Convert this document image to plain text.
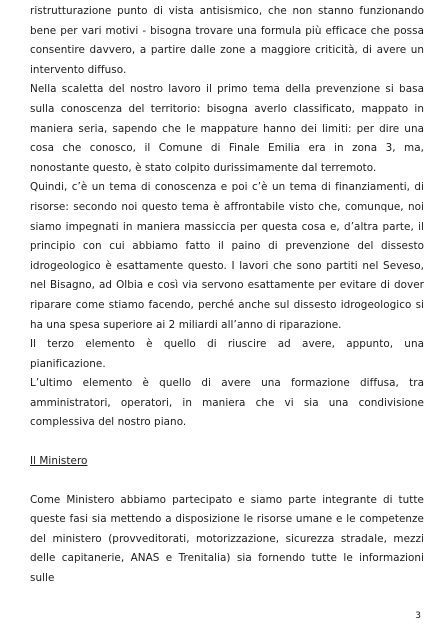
ristrutturazione punto di vista antisismico, che non stanno funzionando bene per vari motivi - bisogna trovare una formula più efficace che possa consentire davvero, a partire dalle zone a maggiore criticità, di avere un intervento diffuso.

Nella scaletta del nostro lavoro il primo tema della prevenzione si basa sulla conoscenza del territorio: bisogna averlo classificato, mappato in maniera seria, sapendo che le mappature hanno dei limiti: per dire una cosa che conosco, il Comune di Finale Emilia era in zona 3, ma, nonostante questo, è stato colpito durissimamente dal terremoto.

Quindi, c’è un tema di conoscenza e poi c’è un tema di finanziamenti, di risorse: secondo noi questo tema è affrontabile visto che, comunque, noi siamo impegnati in maniera massiccia per questa cosa e, d’altra parte, il principio con cui abbiamo fatto il paino di prevenzione del dissesto idrogeologico è esattamente questo. I lavori che sono partiti nel Seveso, nel Bisagno, ad Olbia e così via servono esattamente per evitare di dover riparare come stiamo facendo, perché anche sul dissesto idrogeologico si ha una spesa superiore ai 2 miliardi all’anno di riparazione.

Il terzo elemento è quello di riuscire ad avere, appunto, una pianificazione.

L’ultimo elemento è quello di avere una formazione diffusa, tra amministratori, operatori, in maniera che vi sia una condivisione complessiva del nostro piano.

Il Ministero

Come Ministero abbiamo partecipato e siamo parte integrante di tutte queste fasi sia mettendo a disposizione le risorse umane e le competenze del ministero (provveditorati, motorizzazione, sicurezza stradale, mezzi delle capitanerie, ANAS e Trenitalia) sia fornendo tutte le informazioni sulle

3
